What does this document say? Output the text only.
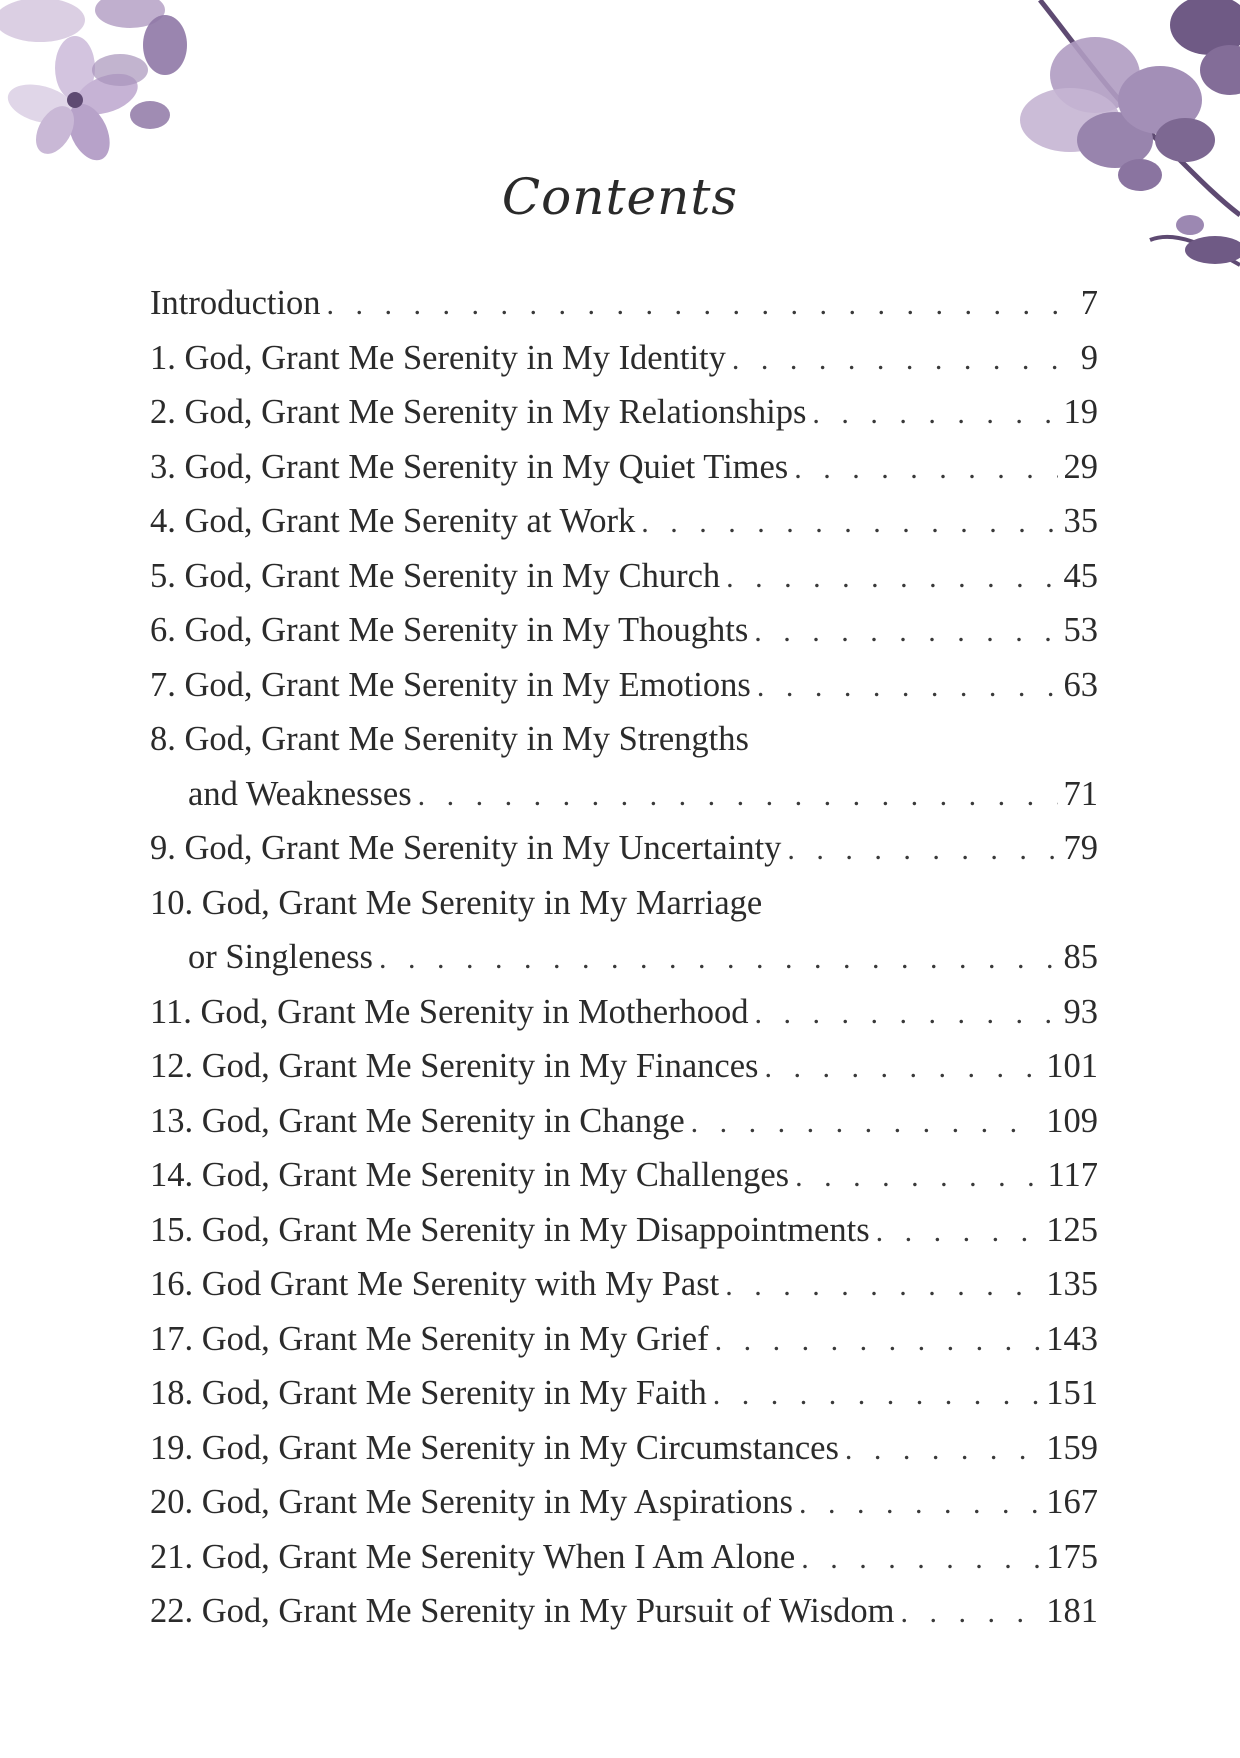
Contents
Introduction . . .	7
1. God, Grant Me Serenity in My Identity . . .	9
2. God, Grant Me Serenity in My Relationships . . .	19
3. God, Grant Me Serenity in My Quiet Times . . .	29
4. God, Grant Me Serenity at Work . . .	35
5. God, Grant Me Serenity in My Church . . .	45
6. God, Grant Me Serenity in My Thoughts . . .	53
7. God, Grant Me Serenity in My Emotions . . .	63
8. God, Grant Me Serenity in My Strengths
and Weaknesses . . .	71
9. God, Grant Me Serenity in My Uncertainty . . .	79
10. God, Grant Me Serenity in My Marriage
or Singleness . . .	85
11. God, Grant Me Serenity in Motherhood . . .	93
12. God, Grant Me Serenity in My Finances . . .	101
13. God, Grant Me Serenity in Change . . .	109
14. God, Grant Me Serenity in My Challenges . . .	117
15. God, Grant Me Serenity in My Disappointments . . .	125
16. God Grant Me Serenity with My Past . . .	135
17. God, Grant Me Serenity in My Grief . . .	143
18. God, Grant Me Serenity in My Faith . . .	151
19. God, Grant Me Serenity in My Circumstances . . .	159
20. God, Grant Me Serenity in My Aspirations . . .	167
21. God, Grant Me Serenity When I Am Alone . . .	175
22. God, Grant Me Serenity in My Pursuit of Wisdom . . .	181
